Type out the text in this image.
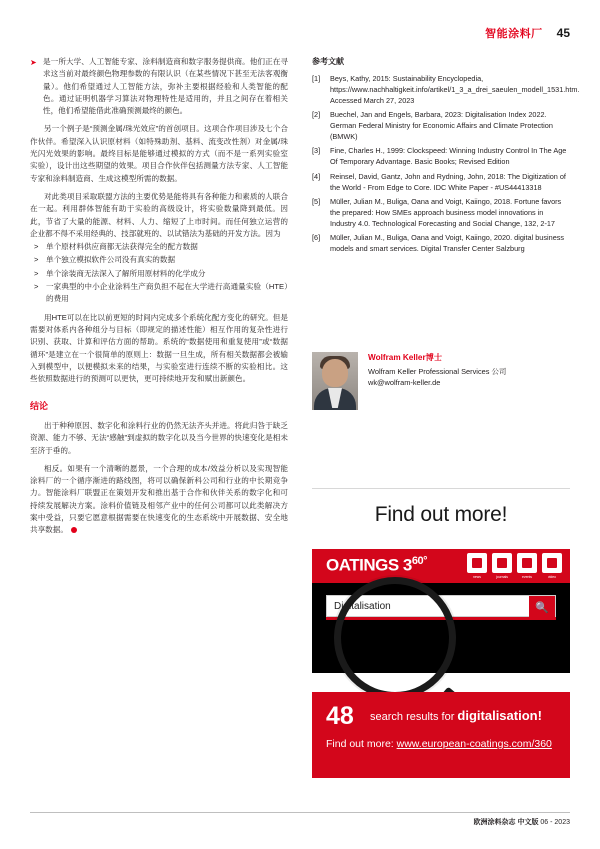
智能涂料厂 45
➤ 是一所大学、人工智能专家、涂料制造商和数字服务提供商。他们正在寻求这当前对最终颜色物理参数的有限认识（在某些情况下甚至无法客观衡量）。他们希望通过人工智能方法，弥补主要根据经验和人类智能的配色。通过证明机器学习算法对物理特性是适用的，并且之间存在着相关性，他们希望能借此准确预测最终的颜色。

另一个例子是“预测金属/珠光效应”的首创项目。这项合作项目涉及七个合作伙伴。希望深入认识原材料（如特殊助剂、基料、流变改性剂）对金属/珠光闪光效果的影响。最终目标是能够通过模拟的方式（而不是一系列实验室实验），设计出这些期望的效果。项目合作伙伴包括测量方法专家、人工智能专家和涂料制造商、生成这模型所需的数据。

对此类项目采取联盟方法的主要优势是能将具有各种能力和素质的人联合在一起。利用群体智能有助于实验的高级设计，将实验数量降到最低。因此，节省了大量的能源、材料、人力、缩短了上市时间。而任何独立运营的企业都不得不采用经典的、技部就班的、以试错法为基础的开发方法。因为

> 单个原材料供应商都无法获得完全的配方数据
> 单个独立模拟软件公司没有真实的数据
> 单个涂装商无法深入了解所用原材料的化学成分
> 一家典型的中小企业涂料生产商负担不起在大学进行高通量实验（HTE）的费用

用HTE可以在比以前更短的时间内完成多个系统化配方变化的研究。但是需要对体系内各种组分与目标（即规定的描述性能）相互作用的复杂性进行识别、获取、计算和评估方面的帮助。系统的“数据使用和重复使用”或“数据循环”是建立在一个很简单的原则上：数据一旦生成，所有相关数据都会被输入到模型中，以便模拟未来的结果，与实验室进行连续不断的实验相比。这些依照数据进行的预测可以更快，更可持续地开发和赋出新颜色。

结论

出于种种原因、数字化和涂料行业的仍然无法齐头并进。将此归咎于缺乏资源、能力不够、无法“感触”到虚拟的数字化以及当今世界的快速变化是相未至济于垂的。

相反。如果有一个清晰的愿景，一个合理的成本/效益分析以及实现智能涂料厂的一个循序渐进的路线图，将可以确保新科公司和行业的中长期竞争力。智能涂料厂联盟正在策划开发和推出基于合作和伙伴关系的数字化和可持续发展解决方案。涂料价值链及相邻产业中的任何公司都可以此类解决方案中受益，只要它愿意根据需要在快速变化的生态系统中开展数据、安全地共享数据。

参考文献
[1] Beys, Kathy, 2015: Sustainability Encyclopedia, https://www.nachhaltigkeit.info/artikel/1_3_a_drei_saeulen_modell_1531.htm. Accessed March 27, 2023
[2] Buechel, Jan and Engels, Barbara, 2023: Digitalisation Index 2022. German Federal Ministry for Economic Affairs and Climate Protection (BMWK)
[3] Fine, Charles H., 1999: Clockspeed: Winning Industry Control In The Age Of Temporary Advantage. Basic Books; Revised Edition
[4] Reinsel, David, Gantz, John and Rydning, John, 2018: The Digitization of the World - From Edge to Core. IDC White Paper - #US44413318
[5] Müller, Julian M., Buliga, Oana and Voigt, Kaiingo, 2018. Fortune favors the prepared: How SMEs approach business model innovations in Industry 4.0. Technological Forecasting and Social Change, 132, 2-17
[6] Müller, Julian M., Buliga, Oana and Voigt, Kaiingo, 2020. digital business models and smart services. Digital Transfer Center Salzburg
Wolfram Keller博士
Wolfram Keller Professional Services 公司
wk@wolfram-keller.de
Find out more!
OATINGS $3^{60^\circ}$
news	journals	events	video
Digitalisation	🔍
48 search results for digitalisation!
Find out more: www.european-coatings.com/360
欧洲涂料杂志 中文版 06 - 2023
